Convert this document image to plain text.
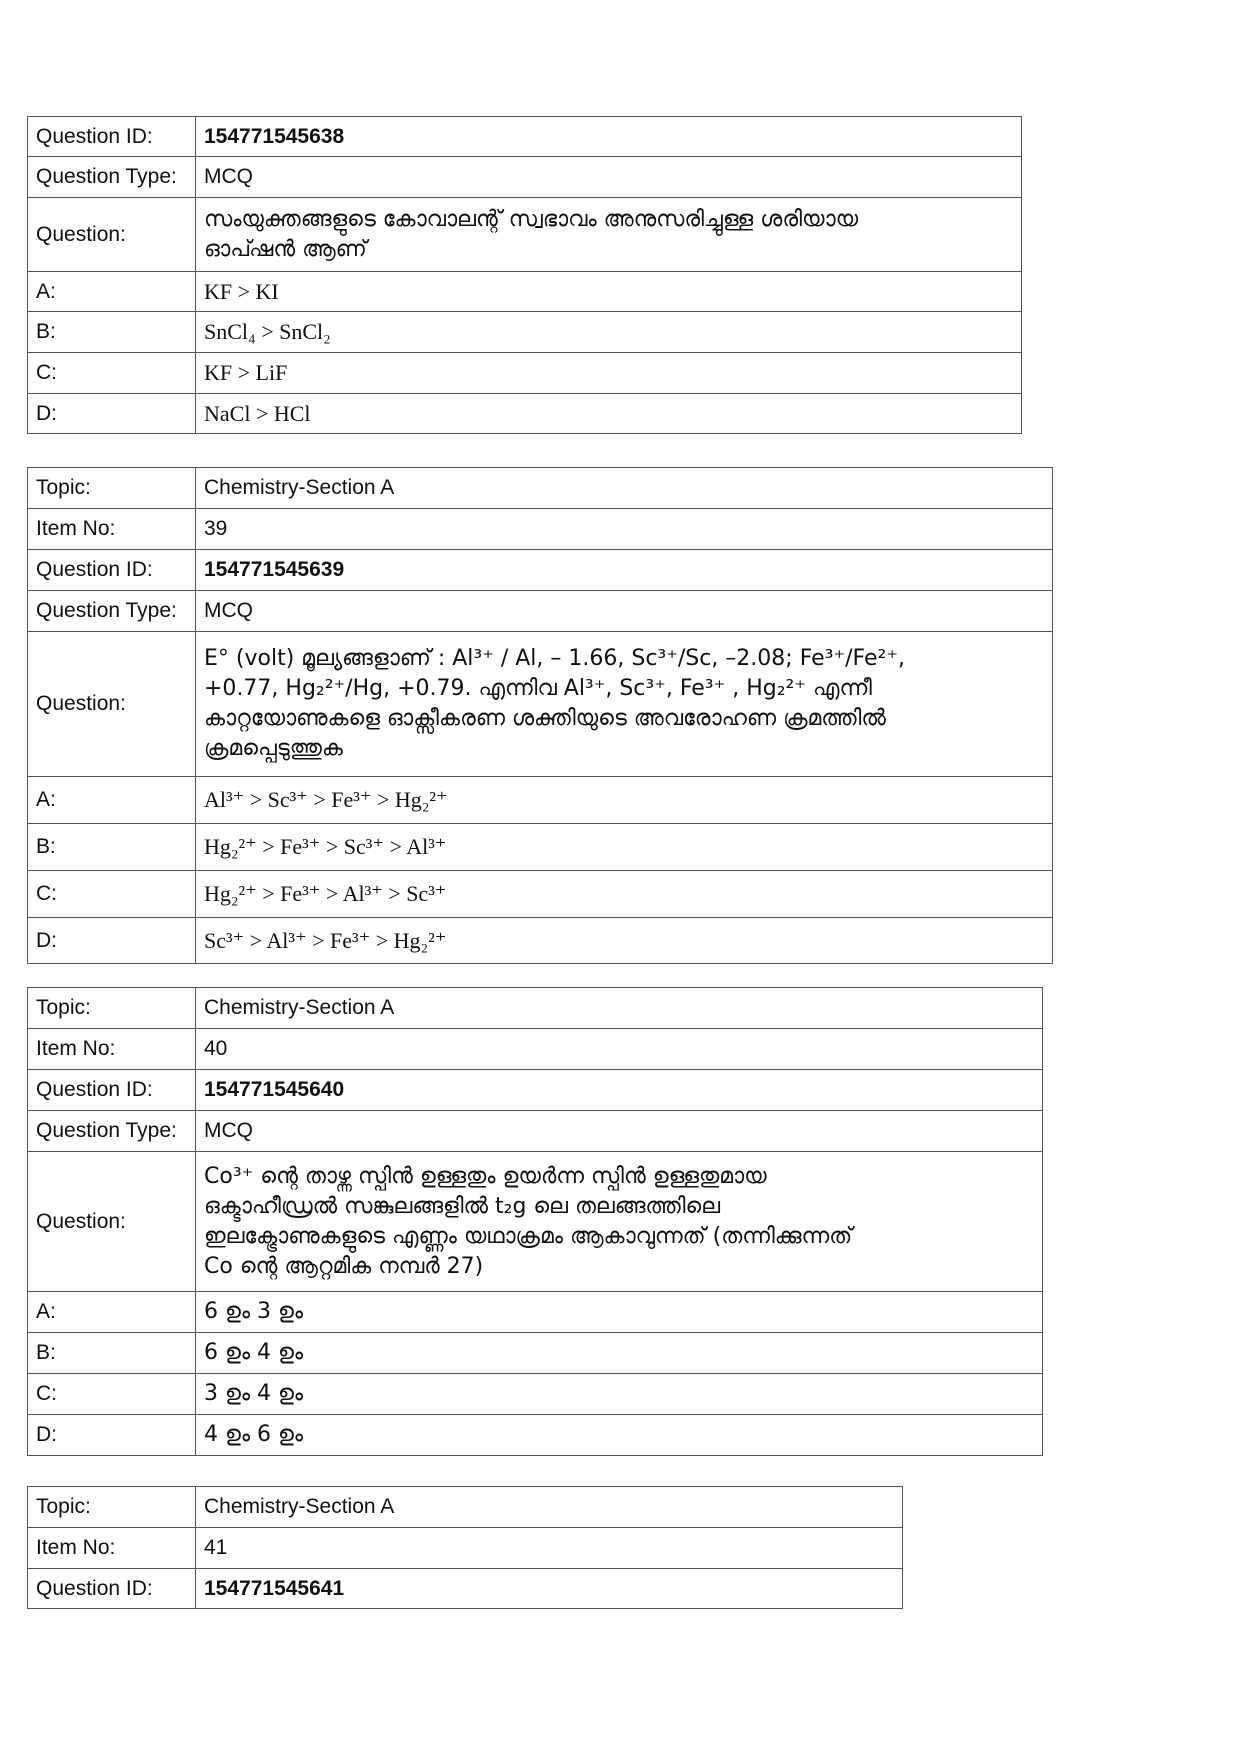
Question ID:	154771545638
Question Type:	MCQ
Question:	സംയുക്തങ്ങളുടെ കോവാലന്റ് സ്വഭാവം അനുസരിച്ചുള്ള ശരിയായ
ഓപ്ഷൻ ആണ്

A:	KF > KI
B:	SnCl₄ > SnCl₂
C:	KF > LiF
D:	NaCl > HCl
Topic:	Chemistry-Section A
Item No:	39
Question ID:	154771545639
Question Type:	MCQ
Question:	E° (volt) മൂല്യങ്ങളാണ് : Al³⁺ / Al, – 1.66, Sc³⁺/Sc, –2.08; Fe³⁺/Fe²⁺,
+0.77, Hg₂²⁺/Hg, +0.79. എന്നിവ Al³⁺, Sc³⁺, Fe³⁺ , Hg₂²⁺ എന്നീ
കാറ്റയോണുകളെ ഓക്സീകരണ ശക്തിയുടെ അവരോഹണ ക്രമത്തിൽ
ക്രമപ്പെടുത്തുക

A:	Al³⁺ > Sc³⁺ > Fe³⁺ > Hg₂²⁺
B:	Hg₂²⁺ > Fe³⁺ > Sc³⁺ > Al³⁺
C:	Hg₂²⁺ > Fe³⁺ > Al³⁺ > Sc³⁺
D:	Sc³⁺ > Al³⁺ > Fe³⁺ > Hg₂²⁺
Topic:	Chemistry-Section A
Item No:	40
Question ID:	154771545640
Question Type:	MCQ
Question:	Co³⁺ ന്റെ താഴ്ന്ന സ്പിൻ ഉള്ളതും ഉയർന്ന സ്പിൻ ഉള്ളതുമായ
ഒക്ടാഹീഡ്രൽ സങ്കുലങ്ങളിൽ t₂g ലെ തലങ്ങത്തിലെ
ഇലക്ട്രോണുകളുടെ എണ്ണം യഥാക്രമം ആകാവുന്നത് (തന്നിക്കുന്നത്
Co ന്റെ ആറ്റമിക നമ്പർ 27)

A:	6 ഉം 3 ഉം
B:	6 ഉം 4 ഉം
C:	3 ഉം 4 ഉം
D:	4 ഉം 6 ഉം
Topic:	Chemistry-Section A
Item No:	41
Question ID:	154771545641
